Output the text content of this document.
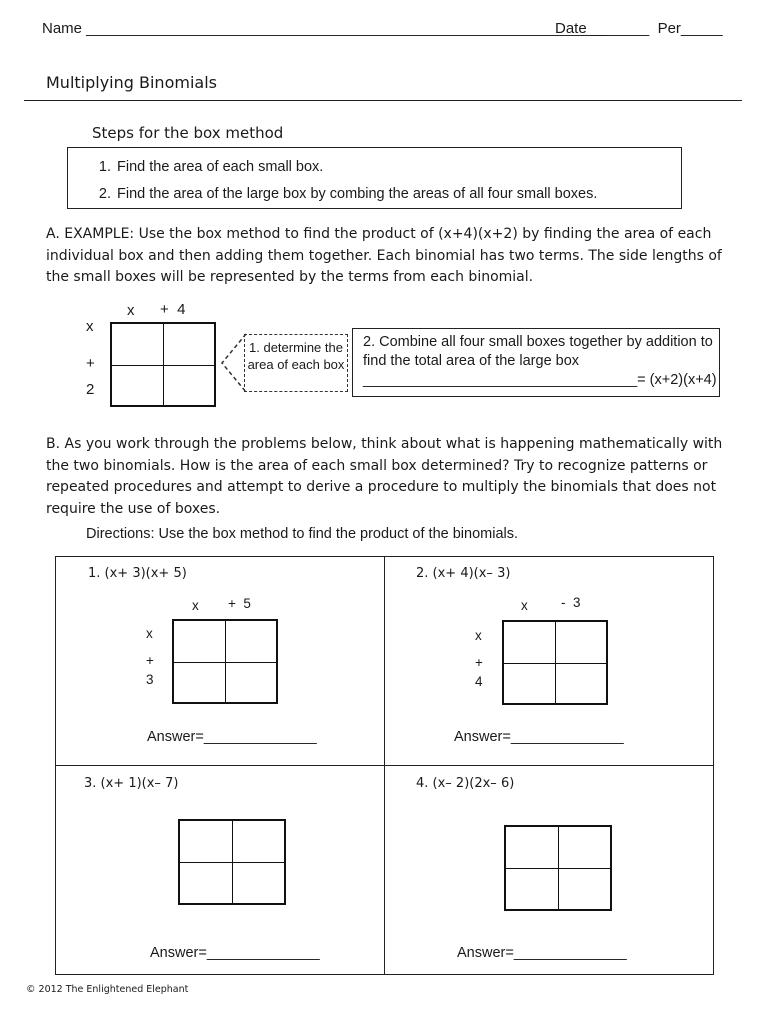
Name ______________________________________________________________
Date _______  Per_____
Multiplying Binomials
Steps for the box method
1. Find the area of each small box.
2. Find the area of the large box by combing the areas of all four small boxes.
A. EXAMPLE: Use the box method to find the product of (x+4)(x+2) by finding the area of each individual box and then adding them together. Each binomial has two terms. The side lengths of the small boxes will be represented by the terms from each binomial.
x +  4
x
+
2
1. determine the area of each box
2. Combine all four small boxes together by addition to find the total area of the large box
__________________________________= (x+2)(x+4)
B. As you work through the problems below, think about what is happening mathematically with the two binomials. How is the area of each small box determined? Try to recognize patterns or repeated procedures and attempt to derive a procedure to multiply the binomials that does not require the use of boxes.
Directions: Use the box method to find the product of the binomials.
1. (x+ 3)(x+ 5)
x +  5
x
+
3
Answer=______________
2. (x+ 4)(x– 3)
x -  3
x
+
4
Answer=______________
3. (x+ 1)(x– 7)
Answer=______________
4. (x– 2)(2x– 6)
Answer=______________
© 2012 The Enlightened Elephant
